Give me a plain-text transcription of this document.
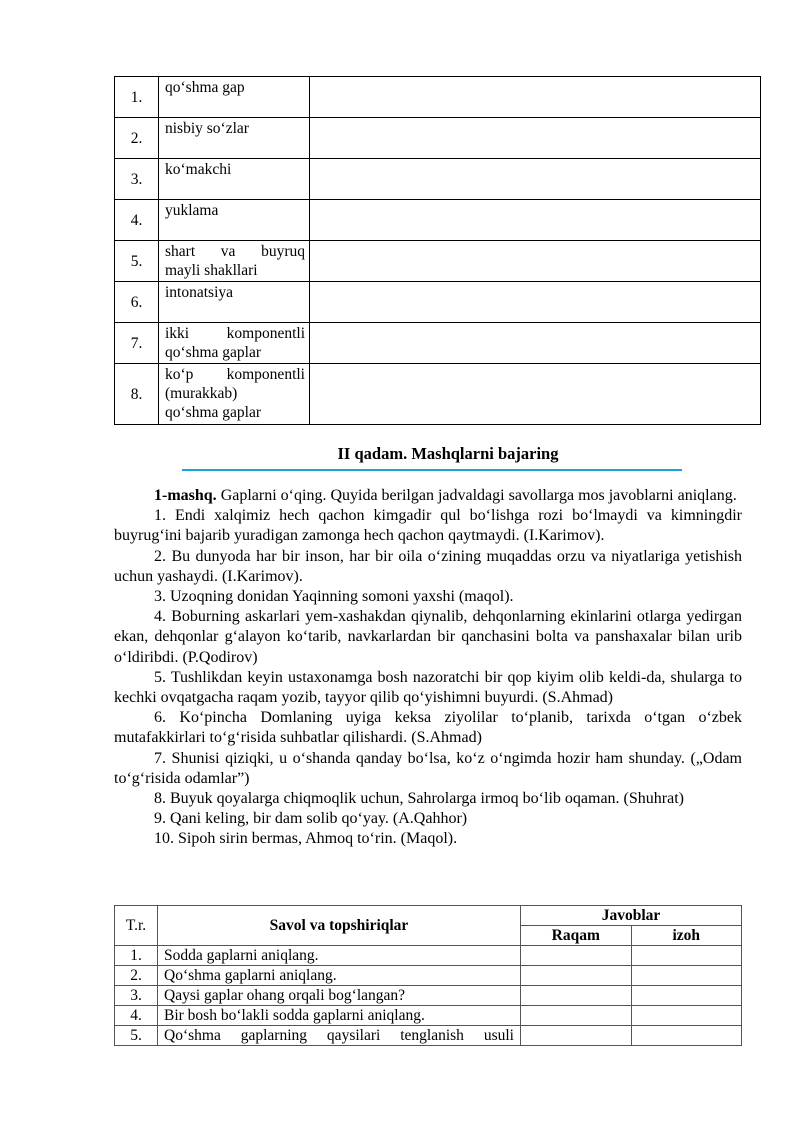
1.	qo‘shma gap	

2.	nisbiy so‘zlar	

3.	ko‘makchi	

4.	yuklama	

5.	shart va buyruq
mayli shakllari	

6.	intonatsiya	

7.	ikki komponentli
qo‘shma gaplar	

8.	ko‘p komponentli
(murakkab)
qo‘shma gaplar	

II qadam. Mashqlarni bajaring

1-mashq. Gaplarni o‘qing. Quyida berilgan jadvaldagi savollarga mos javoblarni aniqlang.

1. Endi xalqimiz hech qachon kimgadir qul bo‘lishga rozi bo‘lmaydi va kimningdir buyrug‘ini bajarib yuradigan zamonga hech qachon qaytmaydi. (I.Karimov).

2. Bu dunyoda har bir inson, har bir oila o‘zining muqaddas orzu va niyatlariga yetishish uchun yashaydi. (I.Karimov).

3. Uzoqning donidan Yaqinning somoni yaxshi (maqol).

4. Boburning askarlari yem-xashakdan qiynalib, dehqonlarning ekinlarini otlarga yedirgan ekan, dehqonlar g‘alayon ko‘tarib, navkarlardan bir qanchasini bolta va panshaxalar bilan urib o‘ldiribdi. (P.Qodirov)

5. Tushlikdan keyin ustaxonamga bosh nazoratchi bir qop kiyim olib keldi-da, shularga to kechki ovqatgacha raqam yozib, tayyor qilib qo‘yishimni buyurdi. (S.Ahmad)

6. Ko‘pincha Domlaning uyiga keksa ziyolilar to‘planib, tarixda o‘tgan o‘zbek mutafakkirlari to‘g‘risida suhbatlar qilishardi. (S.Ahmad)

7. Shunisi qiziqki, u o‘shanda qanday bo‘lsa, ko‘z o‘ngimda hozir ham shunday. („Odam to‘g‘risida odamlar”)

8. Buyuk qoyalarga chiqmoqlik uchun, Sahrolarga irmoq bo‘lib oqaman. (Shuhrat)

9. Qani keling, bir dam solib qo‘yay. (A.Qahhor)

10. Sipoh sirin bermas, Ahmoq to‘rin. (Maqol).

T.r.	Savol va topshiriqlar	Javoblar	
		Raqam	izoh
1.	Sodda gaplarni aniqlang.		
2.	Qo‘shma gaplarni aniqlang.		
3.	Qaysi gaplar ohang orqali bog‘langan?		
4.	Bir bosh bo‘lakli sodda gaplarni aniqlang.		
5.	Qo‘shma gaplarning qaysilari tenglanish usuli		
